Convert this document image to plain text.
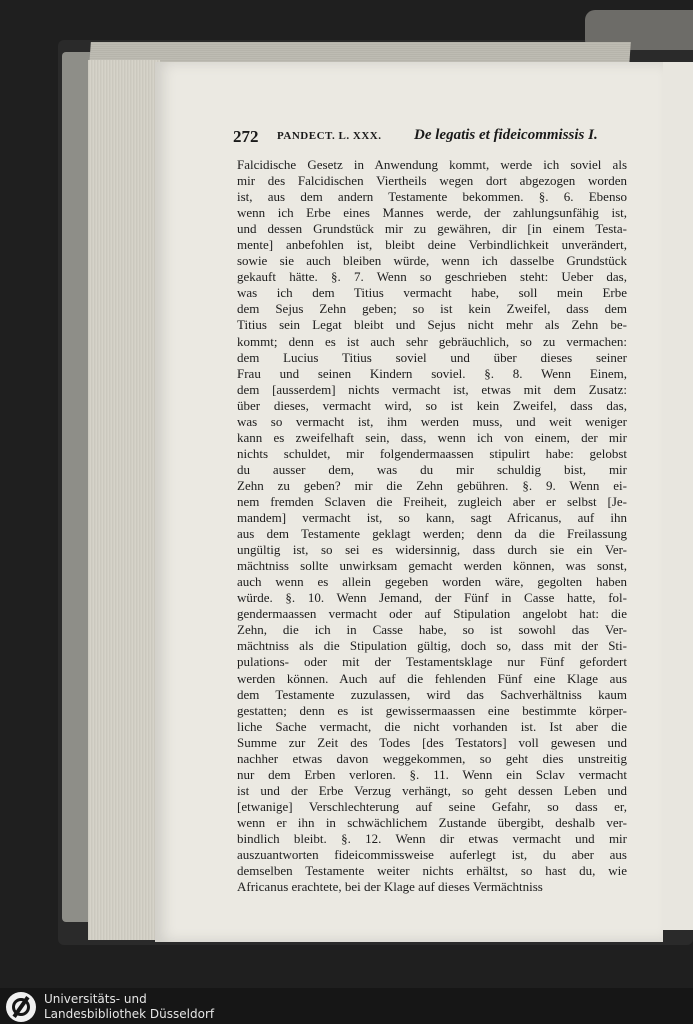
272 PANDECT. L. XXX. De legatis et fideicommissis I.
Falcidische Gesetz in Anwendung kommt, werde ich soviel als
mir des Falcidischen Viertheils wegen dort abgezogen worden
ist, aus dem andern Testamente bekommen. §. 6. Ebenso
wenn ich Erbe eines Mannes werde, der zahlungsunfähig ist,
und dessen Grundstück mir zu gewähren, dir [in einem Testa-
mente] anbefohlen ist, bleibt deine Verbindlichkeit unverändert,
sowie sie auch bleiben würde, wenn ich dasselbe Grundstück
gekauft hätte. §. 7. Wenn so geschrieben steht: Ueber das,
was ich dem Titius vermacht habe, soll mein Erbe
dem Sejus Zehn geben; so ist kein Zweifel, dass dem
Titius sein Legat bleibt und Sejus nicht mehr als Zehn be-
kommt; denn es ist auch sehr gebräuchlich, so zu vermachen:
dem Lucius Titius soviel und über dieses seiner
Frau und seinen Kindern soviel. §. 8. Wenn Einem,
dem [ausserdem] nichts vermacht ist, etwas mit dem Zusatz:
über dieses, vermacht wird, so ist kein Zweifel, dass das,
was so vermacht ist, ihm werden muss, und weit weniger
kann es zweifelhaft sein, dass, wenn ich von einem, der mir
nichts schuldet, mir folgendermaassen stipulirt habe: gelobst
du ausser dem, was du mir schuldig bist, mir
Zehn zu geben? mir die Zehn gebühren. §. 9. Wenn ei-
nem fremden Sclaven die Freiheit, zugleich aber er selbst [Je-
mandem] vermacht ist, so kann, sagt Africanus, auf ihn
aus dem Testamente geklagt werden; denn da die Freilassung
ungültig ist, so sei es widersinnig, dass durch sie ein Ver-
mächtniss sollte unwirksam gemacht werden können, was sonst,
auch wenn es allein gegeben worden wäre, gegolten haben
würde. §. 10. Wenn Jemand, der Fünf in Casse hatte, fol-
gendermaassen vermacht oder auf Stipulation angelobt hat: die
Zehn, die ich in Casse habe, so ist sowohl das Ver-
mächtniss als die Stipulation gültig, doch so, dass mit der Sti-
pulations- oder mit der Testamentsklage nur Fünf gefordert
werden können. Auch auf die fehlenden Fünf eine Klage aus
dem Testamente zuzulassen, wird das Sachverhältniss kaum
gestatten; denn es ist gewissermaassen eine bestimmte körper-
liche Sache vermacht, die nicht vorhanden ist. Ist aber die
Summe zur Zeit des Todes [des Testators] voll gewesen und
nachher etwas davon weggekommen, so geht dies unstreitig
nur dem Erben verloren. §. 11. Wenn ein Sclav vermacht
ist und der Erbe Verzug verhängt, so geht dessen Leben und
[etwanige] Verschlechterung auf seine Gefahr, so dass er,
wenn er ihn in schwächlichem Zustande übergibt, deshalb ver-
bindlich bleibt. §. 12. Wenn dir etwas vermacht und mir
auszuantworten fideicommissweise auferlegt ist, du aber aus
demselben Testamente weiter nichts erhältst, so hast du, wie
Africanus erachtete, bei der Klage auf dieses Vermächtniss
Universitäts- und
Landesbibliothek Düsseldorf
